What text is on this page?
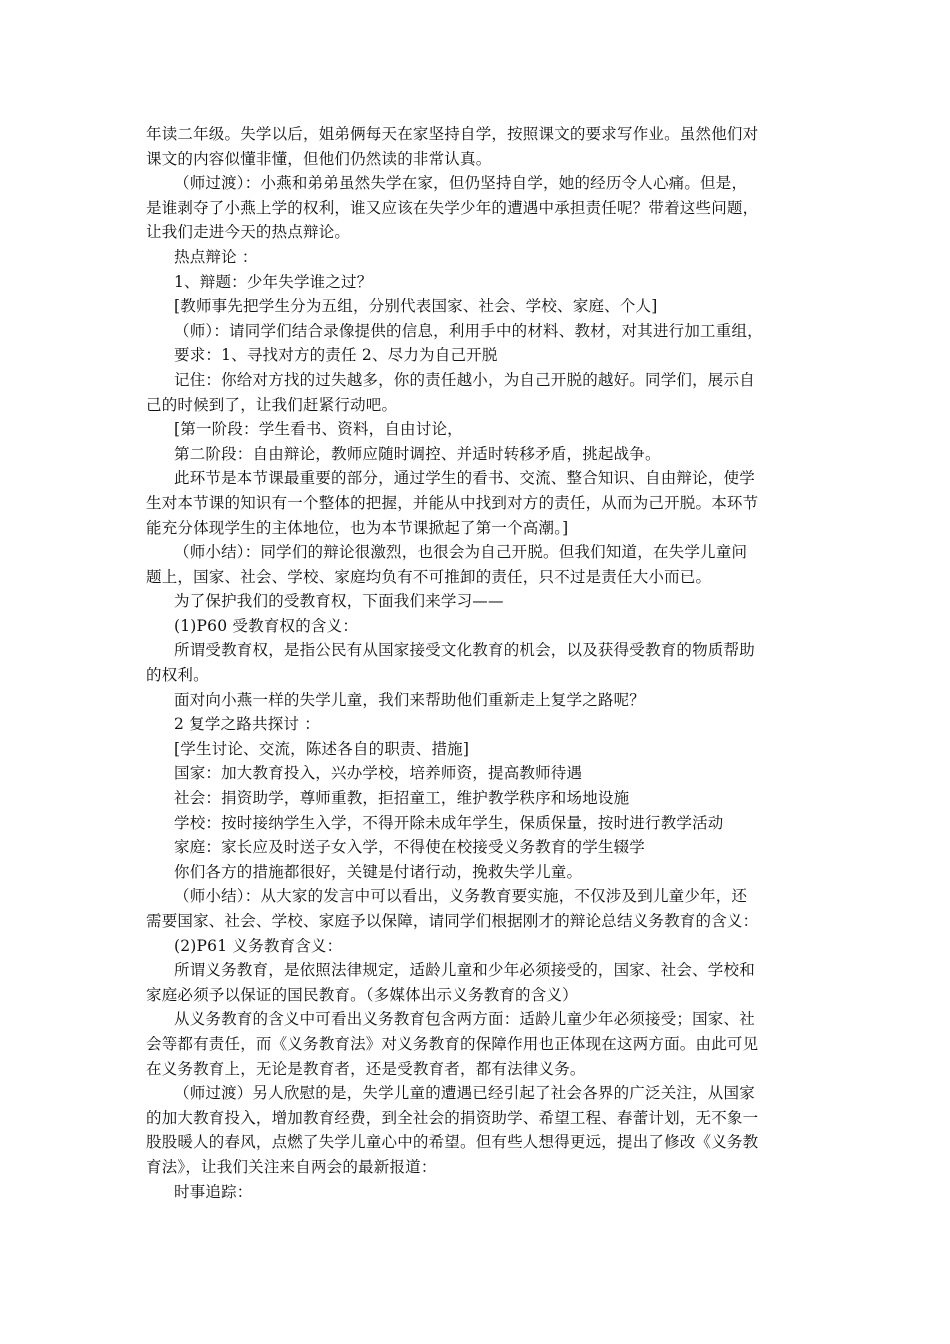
年读二年级。失学以后，姐弟俩每天在家坚持自学，按照课文的要求写作业。虽然他们对
课文的内容似懂非懂，但他们仍然读的非常认真。
（师过渡）：小燕和弟弟虽然失学在家，但仍坚持自学，她的经历令人心痛。但是，
是谁剥夺了小燕上学的权利，谁又应该在失学少年的遭遇中承担责任呢？带着这些问题，
让我们走进今天的热点辩论。
热点辩论 ：
1、辩题：少年失学谁之过？
[教师事先把学生分为五组，分别代表国家、社会、学校、家庭、个人]
（师）：请同学们结合录像提供的信息，利用手中的材料、教材，对其进行加工重组，
要求：1、寻找对方的责任 2、尽力为自己开脱
记住：你给对方找的过失越多，你的责任越小，为自己开脱的越好。同学们，展示自
己的时候到了，让我们赶紧行动吧。
[第一阶段：学生看书、资料，自由讨论，
第二阶段：自由辩论，教师应随时调控、并适时转移矛盾，挑起战争。
此环节是本节课最重要的部分，通过学生的看书、交流、整合知识、自由辩论，使学
生对本节课的知识有一个整体的把握，并能从中找到对方的责任，从而为己开脱。本环节
能充分体现学生的主体地位，也为本节课掀起了第一个高潮。]
（师小结）：同学们的辩论很激烈，也很会为自己开脱。但我们知道，在失学儿童问
题上，国家、社会、学校、家庭均负有不可推卸的责任，只不过是责任大小而已。
为了保护我们的受教育权，下面我们来学习——
(1)P60 受教育权的含义：
所谓受教育权，是指公民有从国家接受文化教育的机会，以及获得受教育的物质帮助
的权利。
面对向小燕一样的失学儿童，我们来帮助他们重新走上复学之路呢？
2 复学之路共探讨 ：
[学生讨论、交流，陈述各自的职责、措施]
国家：加大教育投入，兴办学校，培养师资，提高教师待遇
社会：捐资助学，尊师重教，拒招童工，维护教学秩序和场地设施
学校：按时接纳学生入学，不得开除未成年学生，保质保量，按时进行教学活动
家庭：家长应及时送子女入学，不得使在校接受义务教育的学生辍学
你们各方的措施都很好，关键是付诸行动，挽救失学儿童。
（师小结）：从大家的发言中可以看出，义务教育要实施，不仅涉及到儿童少年，还
需要国家、社会、学校、家庭予以保障，请同学们根据刚才的辩论总结义务教育的含义：
(2)P61 义务教育含义：
所谓义务教育，是依照法律规定，适龄儿童和少年必须接受的，国家、社会、学校和
家庭必须予以保证的国民教育。（多媒体出示义务教育的含义）
从义务教育的含义中可看出义务教育包含两方面：适龄儿童少年必须接受；国家、社
会等都有责任，而《义务教育法》对义务教育的保障作用也正体现在这两方面。由此可见
在义务教育上，无论是教育者，还是受教育者，都有法律义务。
（师过渡）另人欣慰的是，失学儿童的遭遇已经引起了社会各界的广泛关注，从国家
的加大教育投入，增加教育经费，到全社会的捐资助学、希望工程、春蕾计划，无不象一
股股暖人的春风，点燃了失学儿童心中的希望。但有些人想得更远，提出了修改《义务教
育法》，让我们关注来自两会的最新报道：
时事追踪：
